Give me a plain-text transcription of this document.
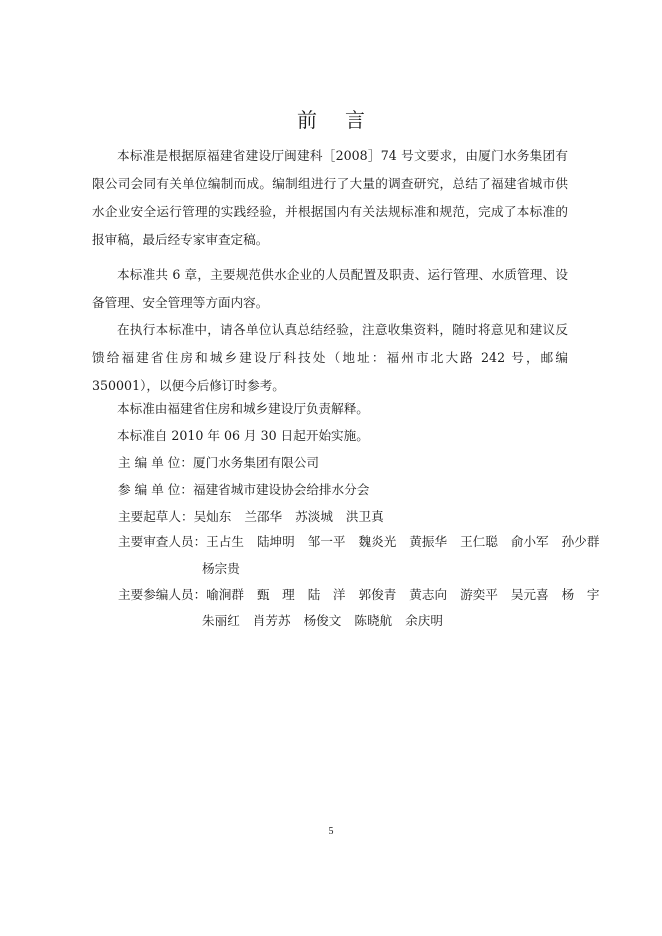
前 言

本标准是根据原福建省建设厅闽建科［2008］74 号文要求，由厦门水务集团有限公司会同有关单位编制而成。编制组进行了大量的调查研究，总结了福建省城市供水企业安全运行管理的实践经验，并根据国内有关法规标准和规范，完成了本标准的报审稿，最后经专家审查定稿。

本标准共 6 章，主要规范供水企业的人员配置及职责、运行管理、水质管理、设备管理、安全管理等方面内容。

在执行本标准中，请各单位认真总结经验，注意收集资料，随时将意见和建议反馈给福建省住房和城乡建设厅科技处（地址：福州市北大路 242 号，邮编 350001），以便今后修订时参考。

本标准由福建省住房和城乡建设厅负责解释。

本标准自 2010 年 06 月 30 日起开始实施。

主 编 单 位：厦门水务集团有限公司
参 编 单 位：福建省城市建设协会给排水分会
主要起草人：吴灿东 兰邵华 苏淡城 洪卫真
主要审查人员：王占生 陆坤明 邹一平 魏炎光 黄振华 王仁聪 俞小军 孙少群
杨宗贵
主要参编人员：喻涧群 甄　理 陆　洋 郭俊青 黄志向 游奕平 吴元喜 杨　宇
朱丽红 肖芳苏 杨俊文 陈晓航 余庆明
5
